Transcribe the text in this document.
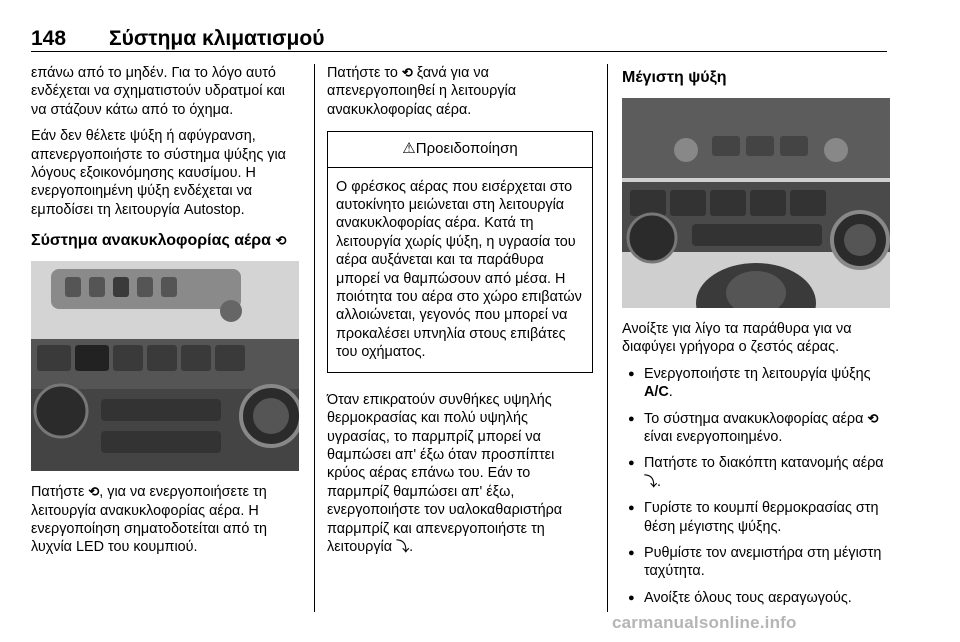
148 Σύστημα κλιματισμού

επάνω από το μηδέν. Για το λόγο αυτό ενδέχεται να σχηματιστούν υδρατμοί και να στάζουν κάτω από το όχημα.

Εάν δεν θέλετε ψύξη ή αφύγρανση, απενεργοποιήστε το σύστημα ψύξης για λόγους εξοικονόμησης καυσίμου. Η ενεργοποιημένη ψύξη ενδέχεται να εμποδίσει τη λειτουργία Autostop.

Σύστημα ανακυκλοφορίας αέρα ⟲

Πατήστε ⟲, για να ενεργοποιήσετε τη λειτουργία ανακυκλοφορίας αέρα. Η ενεργοποίηση σηματοδοτείται από τη λυχνία LED του κουμπιού.

Πατήστε το ⟲ ξανά για να απενεργοποιηθεί η λειτουργία ανακυκλοφορίας αέρα.

⚠Προειδοποίηση
Ο φρέσκος αέρας που εισέρχεται στο αυτοκίνητο μειώνεται στη λειτουργία ανακυκλοφορίας αέρα. Κατά τη λειτουργία χωρίς ψύξη, η υγρασία του αέρα αυξάνεται και τα παράθυρα μπορεί να θαμπώσουν από μέσα. Η ποιότητα του αέρα στο χώρο επιβατών αλλοιώνεται, γεγονός που μπορεί να προκαλέσει υπνηλία στους επιβάτες του οχήματος.

Όταν επικρατούν συνθήκες υψηλής θερμοκρασίας και πολύ υψηλής υγρασίας, το παρμπρίζ μπορεί να θαμπώσει απ' έξω όταν προσπίπτει κρύος αέρας επάνω του. Εάν το παρμπρίζ θαμπώσει απ' έξω, ενεργοποιήστε τον υαλοκαθαριστήρα παρμπρίζ και απενεργοποιήστε τη λειτουργία ⤵.

Μέγιστη ψύξη

Ανοίξτε για λίγο τα παράθυρα για να διαφύγει γρήγορα ο ζεστός αέρας.

● Ενεργοποιήστε τη λειτουργία ψύξης A/C.
● Το σύστημα ανακυκλοφορίας αέρα ⟲ είναι ενεργοποιημένο.
● Πατήστε το διακόπτη κατανομής αέρα ⤵.
● Γυρίστε το κουμπί θερμοκρασίας στη θέση μέγιστης ψύξης.
● Ρυθμίστε τον ανεμιστήρα στη μέγιστη ταχύτητα.
● Ανοίξτε όλους τους αεραγωγούς.
carmanualsonline.info
